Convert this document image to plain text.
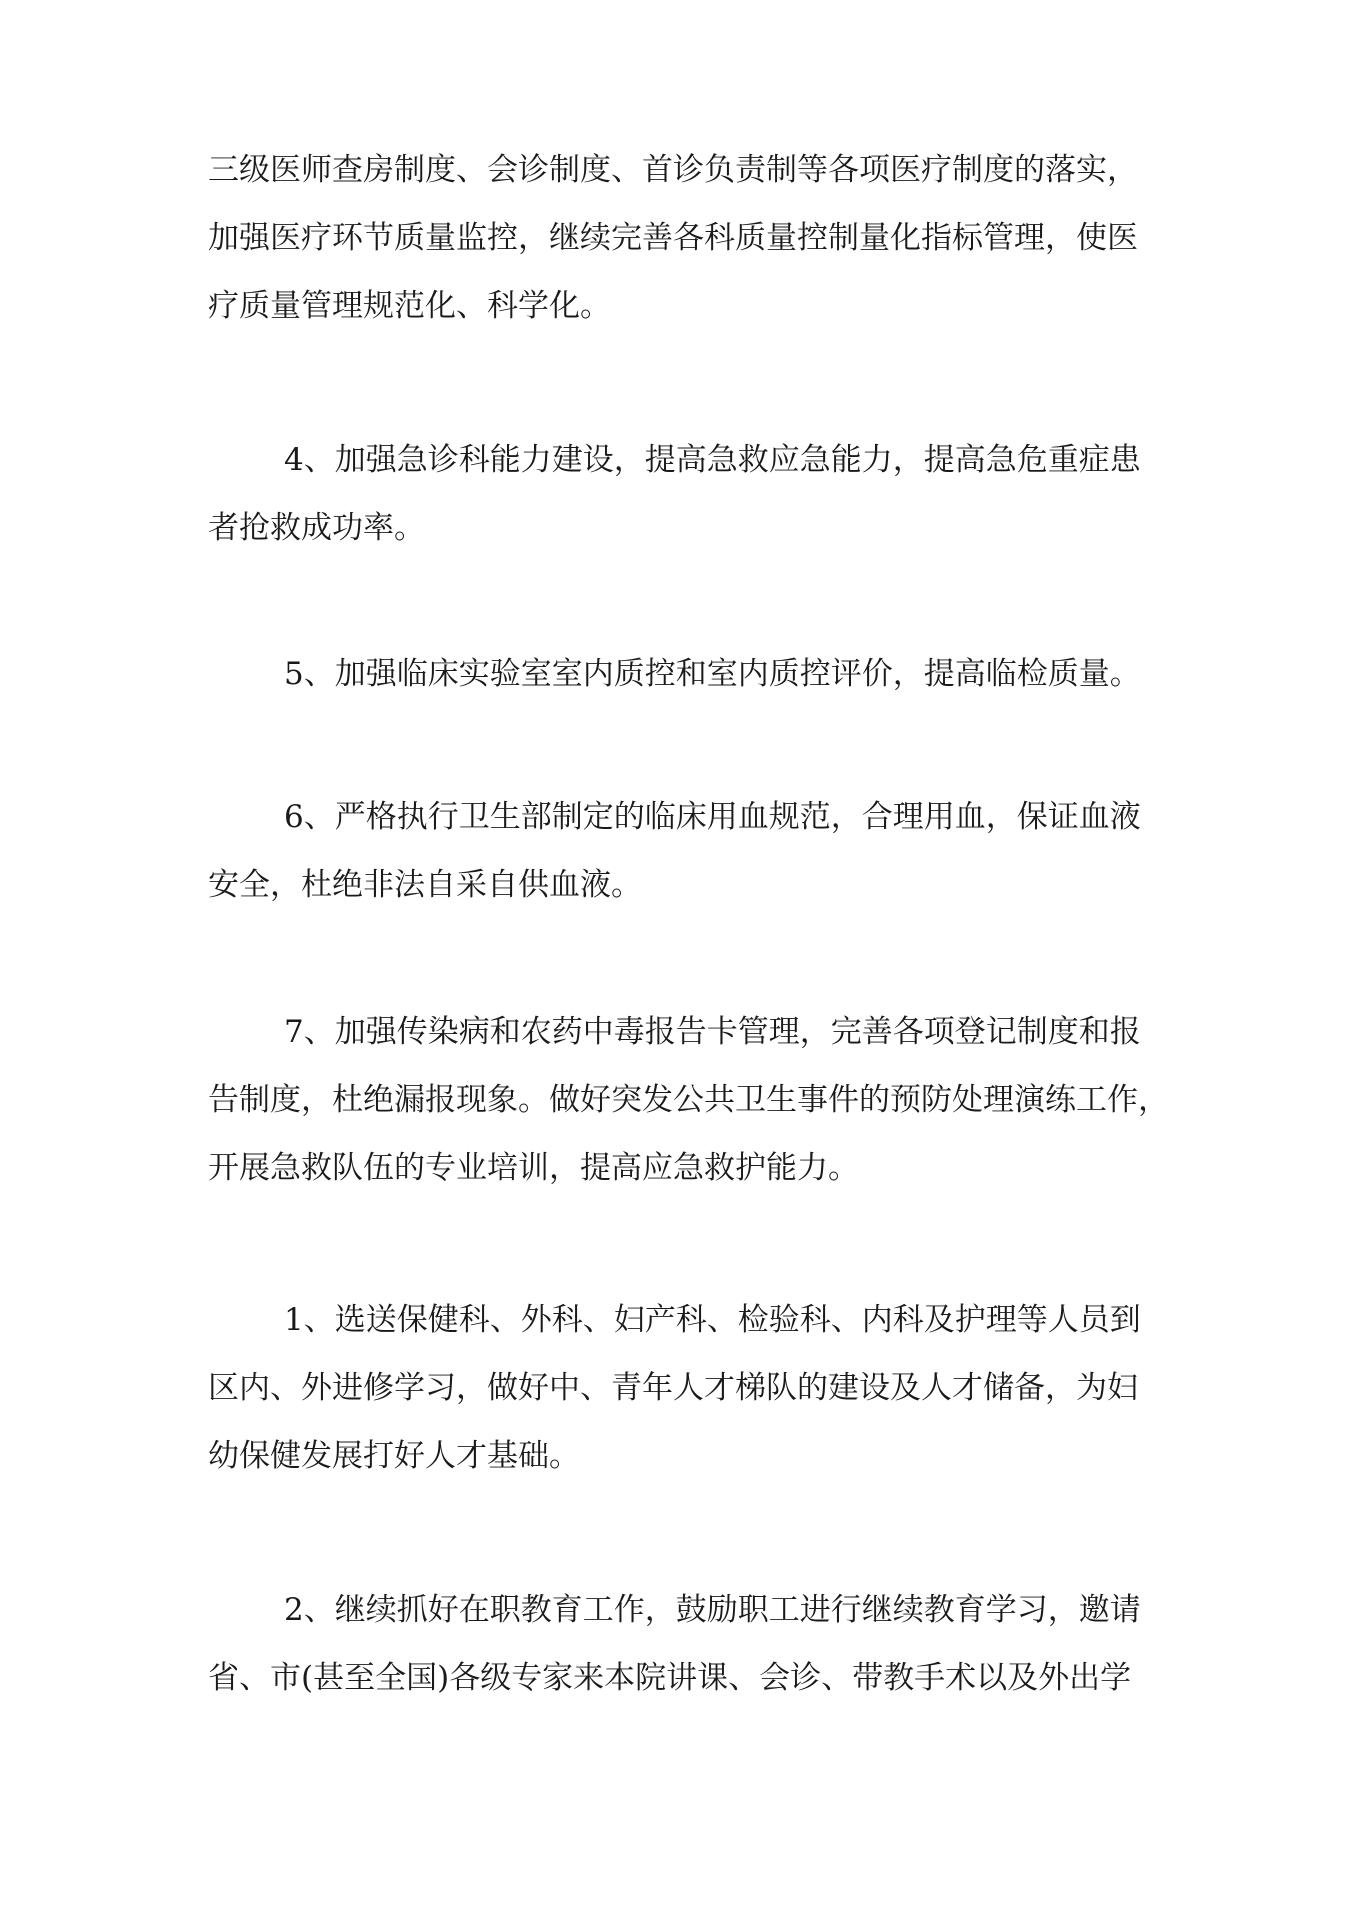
三级医师查房制度、会诊制度、首诊负责制等各项医疗制度的落实，
加强医疗环节质量监控，继续完善各科质量控制量化指标管理，使医
疗质量管理规范化、科学化。
4、加强急诊科能力建设，提高急救应急能力，提高急危重症患
者抢救成功率。
5、加强临床实验室室内质控和室内质控评价，提高临检质量。
6、严格执行卫生部制定的临床用血规范，合理用血，保证血液
安全，杜绝非法自采自供血液。
7、加强传染病和农药中毒报告卡管理，完善各项登记制度和报
告制度，杜绝漏报现象。做好突发公共卫生事件的预防处理演练工作，
开展急救队伍的专业培训，提高应急救护能力。
1、选送保健科、外科、妇产科、检验科、内科及护理等人员到
区内、外进修学习，做好中、青年人才梯队的建设及人才储备，为妇
幼保健发展打好人才基础。
2、继续抓好在职教育工作，鼓励职工进行继续教育学习，邀请
省、市(甚至全国)各级专家来本院讲课、会诊、带教手术以及外出学
